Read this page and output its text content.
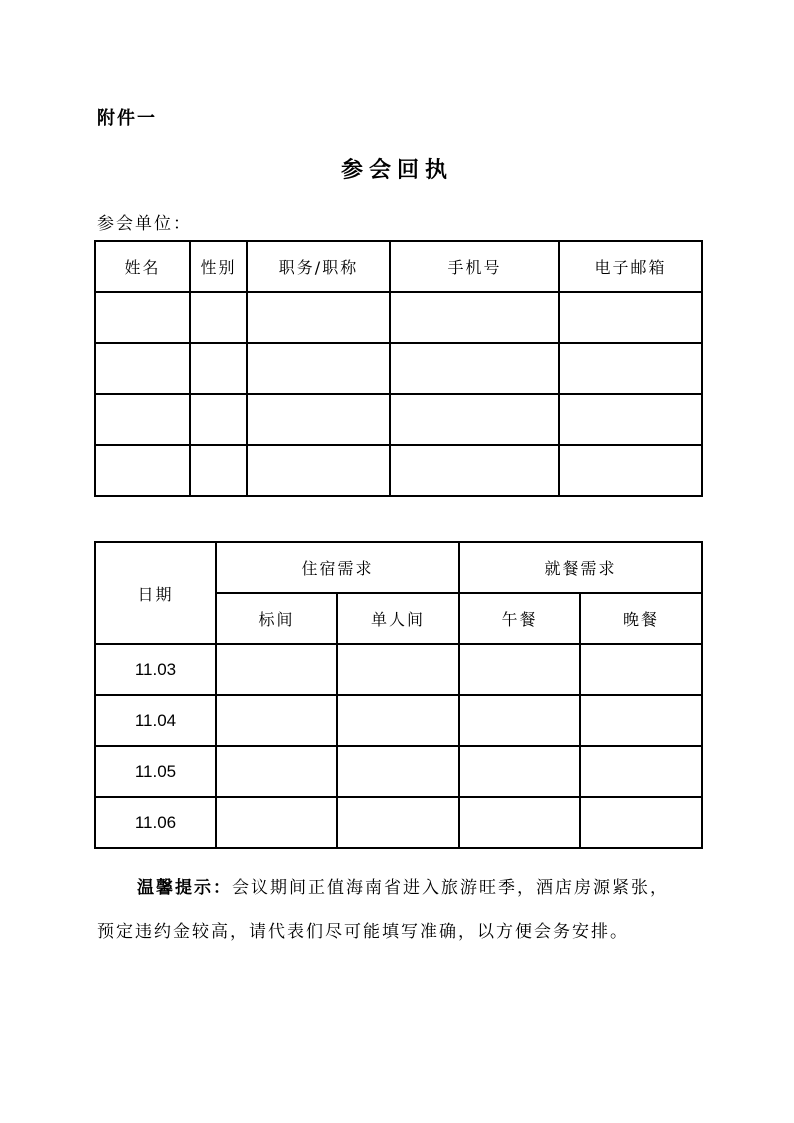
附件一
参会回执
参会单位：
姓名	性别	职务/职称	手机号	电子邮箱

日期	住宿需求		就餐需求	
	标间	单人间	午餐	晚餐
11.03				
11.04				
11.05				
11.06				

温馨提示：会议期间正值海南省进入旅游旺季，酒店房源紧张，

预定违约金较高，请代表们尽可能填写准确，以方便会务安排。
